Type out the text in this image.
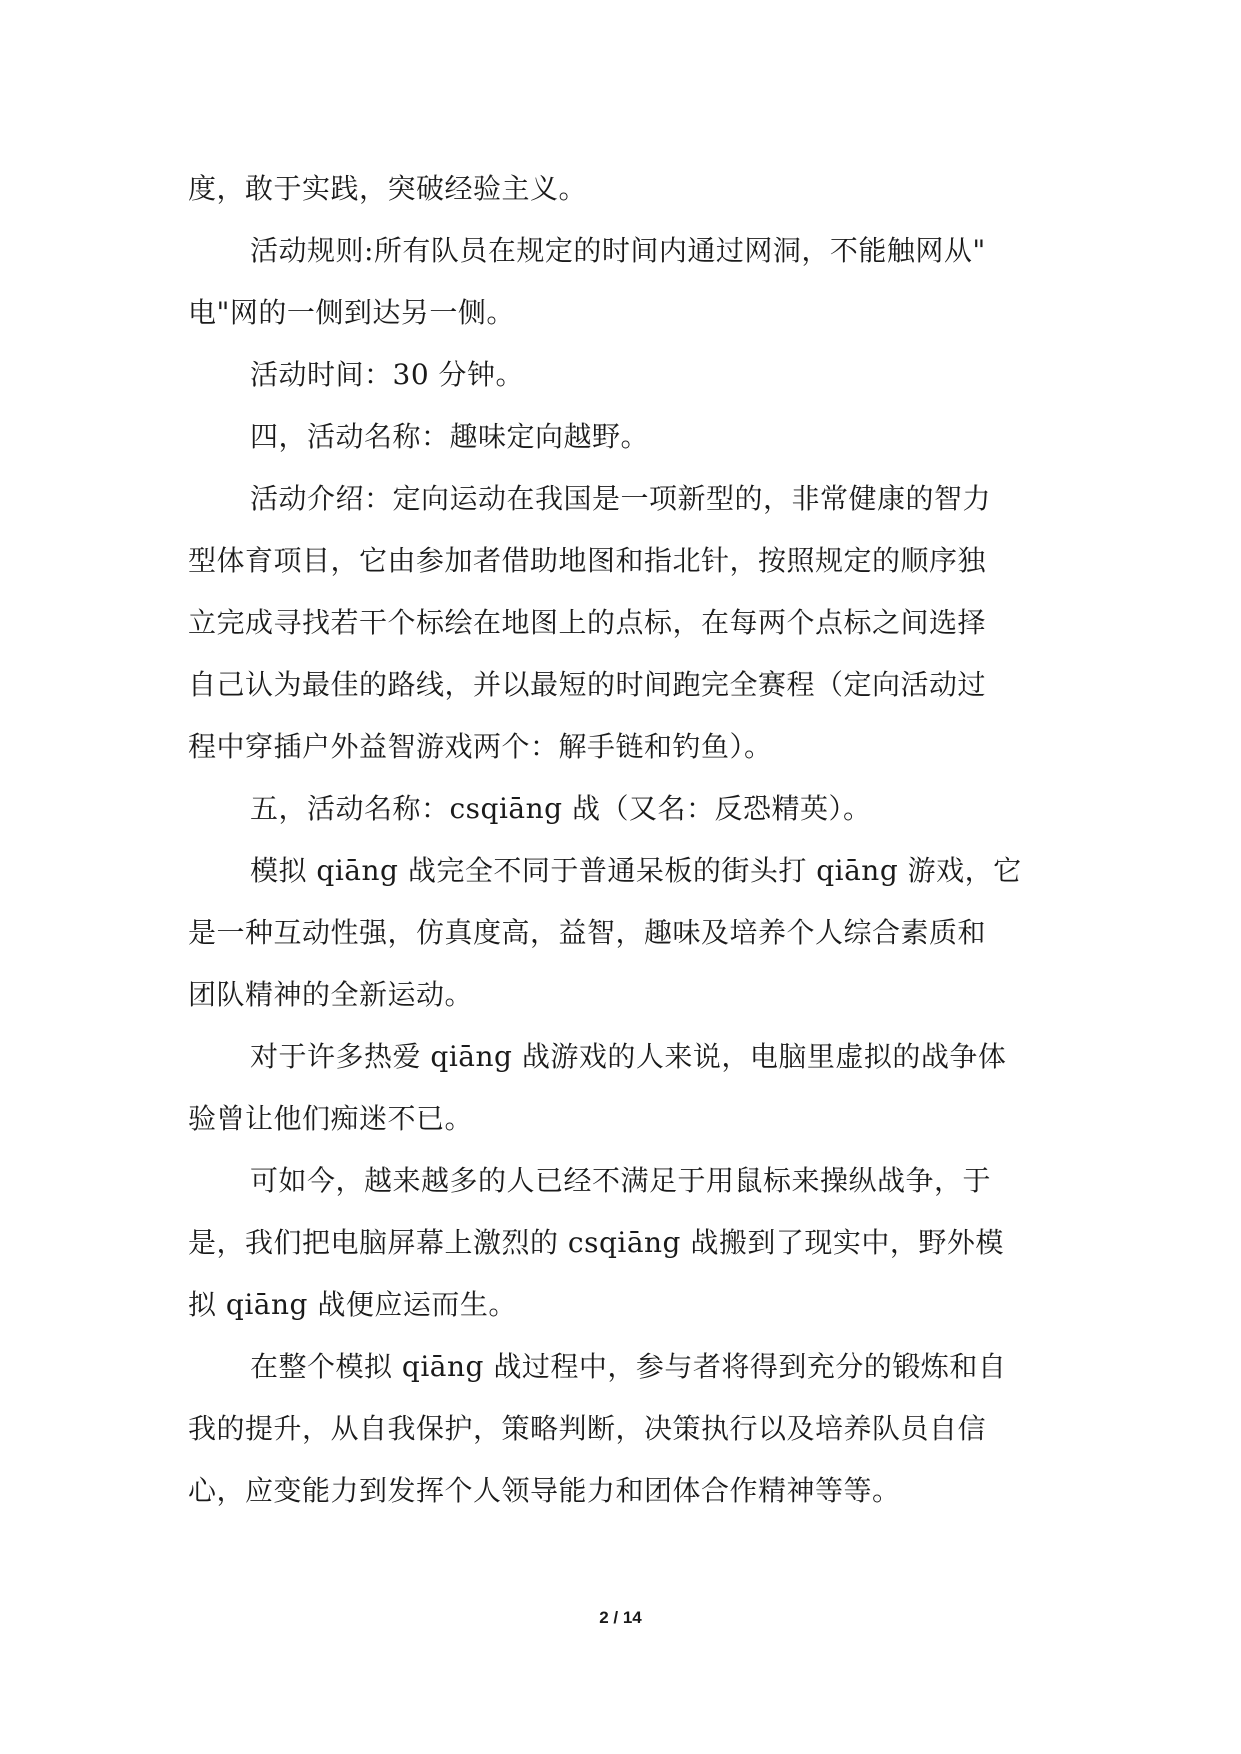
度，敢于实践，突破经验主义。
活动规则:所有队员在规定的时间内通过网洞，不能触网从"
电"网的一侧到达另一侧。
活动时间：30 分钟。
四，活动名称：趣味定向越野。
活动介绍：定向运动在我国是一项新型的，非常健康的智力
型体育项目，它由参加者借助地图和指北针，按照规定的顺序独
立完成寻找若干个标绘在地图上的点标，在每两个点标之间选择
自己认为最佳的路线，并以最短的时间跑完全赛程（定向活动过
程中穿插户外益智游戏两个：解手链和钓鱼）。
五，活动名称：csqiāng 战（又名：反恐精英）。
模拟 qiāng 战完全不同于普通呆板的街头打 qiāng 游戏，它
是一种互动性强，仿真度高，益智，趣味及培养个人综合素质和
团队精神的全新运动。
对于许多热爱 qiāng 战游戏的人来说，电脑里虚拟的战争体
验曾让他们痴迷不已。
可如今，越来越多的人已经不满足于用鼠标来操纵战争，于
是，我们把电脑屏幕上激烈的 csqiāng 战搬到了现实中，野外模
拟 qiāng 战便应运而生。
在整个模拟 qiāng 战过程中，参与者将得到充分的锻炼和自
我的提升，从自我保护，策略判断，决策执行以及培养队员自信
心，应变能力到发挥个人领导能力和团体合作精神等等。
2 / 14
